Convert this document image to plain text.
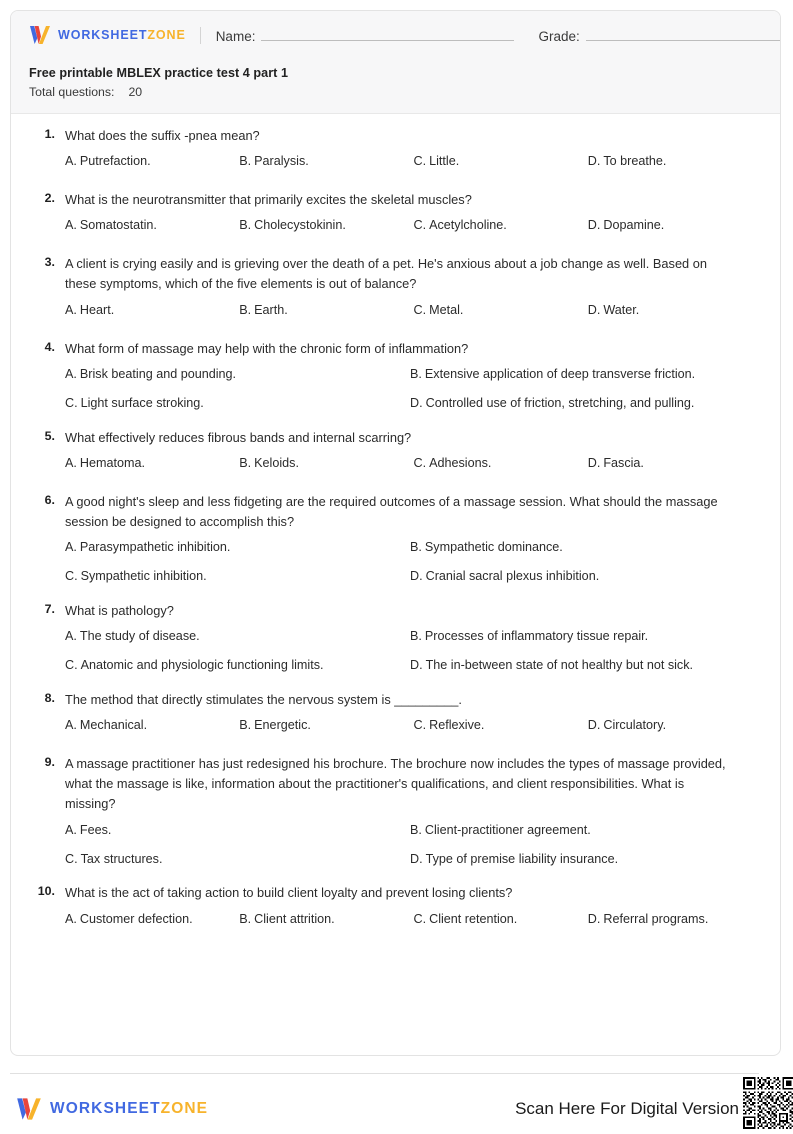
WORKSHEETZONE Name:	Grade:
Free printable MBLEX practice test 4 part 1
Total questions: 20
1. What does the suffix -pnea mean?
A. Putrefaction.	B. Paralysis.	C. Little.	D. To breathe.
2. What is the neurotransmitter that primarily excites the skeletal muscles?
A. Somatostatin.	B. Cholecystokinin.	C. Acetylcholine.	D. Dopamine.
3. A client is crying easily and is grieving over the death of a pet. He's anxious about a job change as well. Based on these symptoms, which of the five elements is out of balance?
A. Heart.	B. Earth.	C. Metal.	D. Water.
4. What form of massage may help with the chronic form of inflammation?
A. Brisk beating and pounding.	B. Extensive application of deep transverse friction.
C. Light surface stroking.	D. Controlled use of friction, stretching, and pulling.
5. What effectively reduces fibrous bands and internal scarring?
A. Hematoma.	B. Keloids.	C. Adhesions.	D. Fascia.
6. A good night's sleep and less fidgeting are the required outcomes of a massage session. What should the massage session be designed to accomplish this?
A. Parasympathetic inhibition.	B. Sympathetic dominance.
C. Sympathetic inhibition.	D. Cranial sacral plexus inhibition.
7. What is pathology?
A. The study of disease.	B. Processes of inflammatory tissue repair.
C. Anatomic and physiologic functioning limits.	D. The in-between state of not healthy but not sick.
8. The method that directly stimulates the nervous system is _________.
A. Mechanical.	B. Energetic.	C. Reflexive.	D. Circulatory.
9. A massage practitioner has just redesigned his brochure. The brochure now includes the types of massage provided, what the massage is like, information about the practitioner's qualifications, and client responsibilities. What is missing?
A. Fees.	B. Client-practitioner agreement.
C. Tax structures.	D. Type of premise liability insurance.
10. What is the act of taking action to build client loyalty and prevent losing clients?
A. Customer defection.	B. Client attrition.	C. Client retention.	D. Referral programs.
WORKSHEETZONE	Scan Here For Digital Version
